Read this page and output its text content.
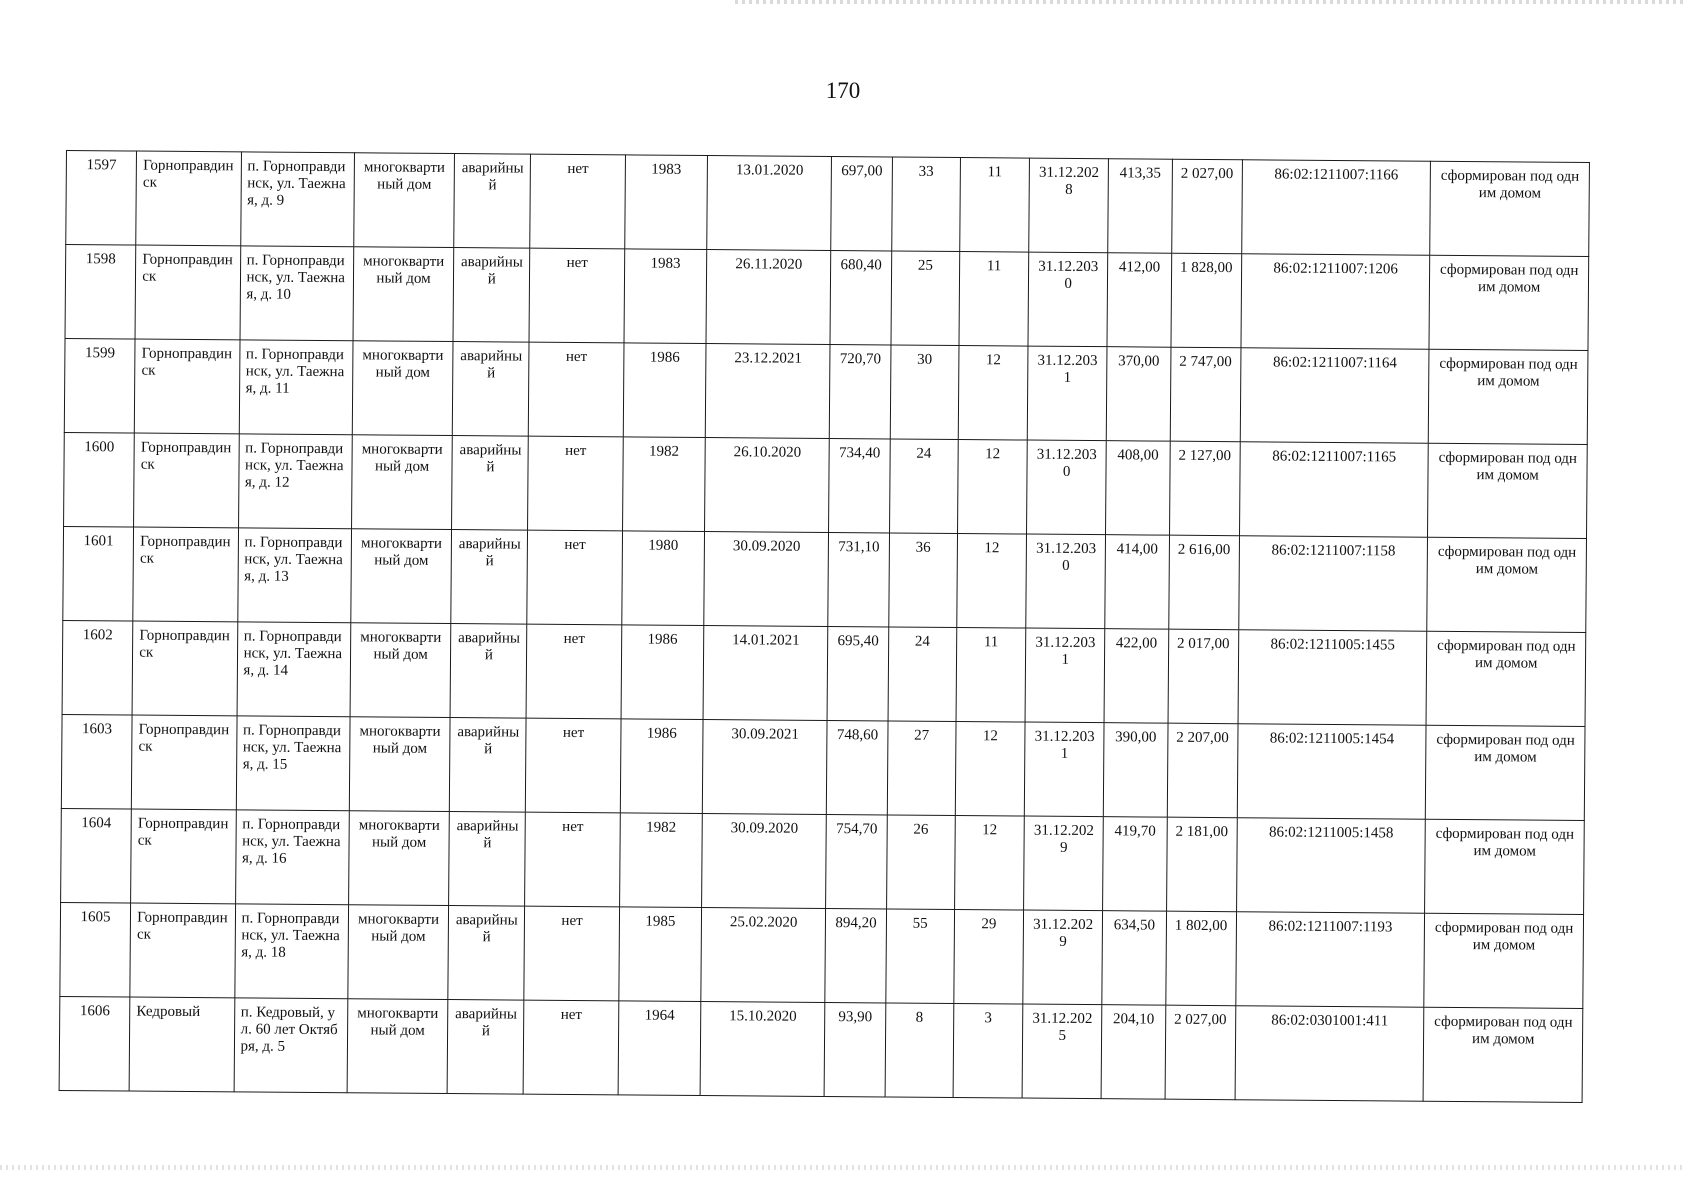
170
1597	Горноправдинск	п. Горноправдинск, ул. Таежная, д. 9	многоквартиный дом	аварийный	нет	1983	13.01.2020	697,00	33	11	31.12.2028	413,35	2 027,00	86:02:1211007:1166	сформирован под одним домом
1598	Горноправдинск	п. Горноправдинск, ул. Таежная, д. 10	многоквартиный дом	аварийный	нет	1983	26.11.2020	680,40	25	11	31.12.2030	412,00	1 828,00	86:02:1211007:1206	сформирован под одним домом
1599	Горноправдинск	п. Горноправдинск, ул. Таежная, д. 11	многоквартиный дом	аварийный	нет	1986	23.12.2021	720,70	30	12	31.12.2031	370,00	2 747,00	86:02:1211007:1164	сформирован под одним домом
1600	Горноправдинск	п. Горноправдинск, ул. Таежная, д. 12	многоквартиный дом	аварийный	нет	1982	26.10.2020	734,40	24	12	31.12.2030	408,00	2 127,00	86:02:1211007:1165	сформирован под одним домом
1601	Горноправдинск	п. Горноправдинск, ул. Таежная, д. 13	многоквартиный дом	аварийный	нет	1980	30.09.2020	731,10	36	12	31.12.2030	414,00	2 616,00	86:02:1211007:1158	сформирован под одним домом
1602	Горноправдинск	п. Горноправдинск, ул. Таежная, д. 14	многоквартиный дом	аварийный	нет	1986	14.01.2021	695,40	24	11	31.12.2031	422,00	2 017,00	86:02:1211005:1455	сформирован под одним домом
1603	Горноправдинск	п. Горноправдинск, ул. Таежная, д. 15	многоквартиный дом	аварийный	нет	1986	30.09.2021	748,60	27	12	31.12.2031	390,00	2 207,00	86:02:1211005:1454	сформирован под одним домом
1604	Горноправдинск	п. Горноправдинск, ул. Таежная, д. 16	многоквартиный дом	аварийный	нет	1982	30.09.2020	754,70	26	12	31.12.2029	419,70	2 181,00	86:02:1211005:1458	сформирован под одним домом
1605	Горноправдинск	п. Горноправдинск, ул. Таежная, д. 18	многоквартиный дом	аварийный	нет	1985	25.02.2020	894,20	55	29	31.12.2029	634,50	1 802,00	86:02:1211007:1193	сформирован под одним домом
1606	Кедровый	п. Кедровый, ул. 60 лет Октября, д. 5	многоквартиный дом	аварийный	нет	1964	15.10.2020	93,90	8	3	31.12.2025	204,10	2 027,00	86:02:0301001:411	сформирован под одним домом
